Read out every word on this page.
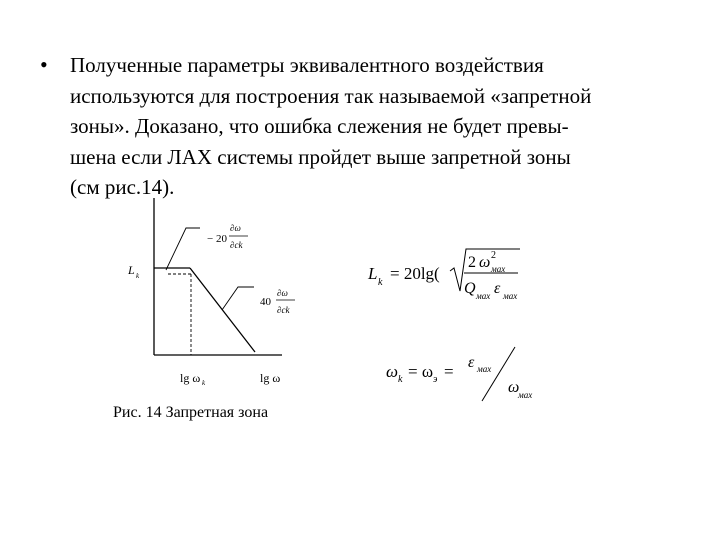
• Полученные параметры эквивалентного воздействия
используются для построения так называемой «запретной
зоны». Доказано, что ошибка слежения не будет превы-
шена если ЛАХ системы пройдет выше запретной зоны
(см рис.14).
− 20
∂ω
∂ck
40
∂ω
∂ck
L k
lg ω k	lg ω
Рис. 14 Запретная зона
L k = 20lg(
2 ω 2
мах
Q мах ε мах
ω k = ω э = ε мах
ω
мах
